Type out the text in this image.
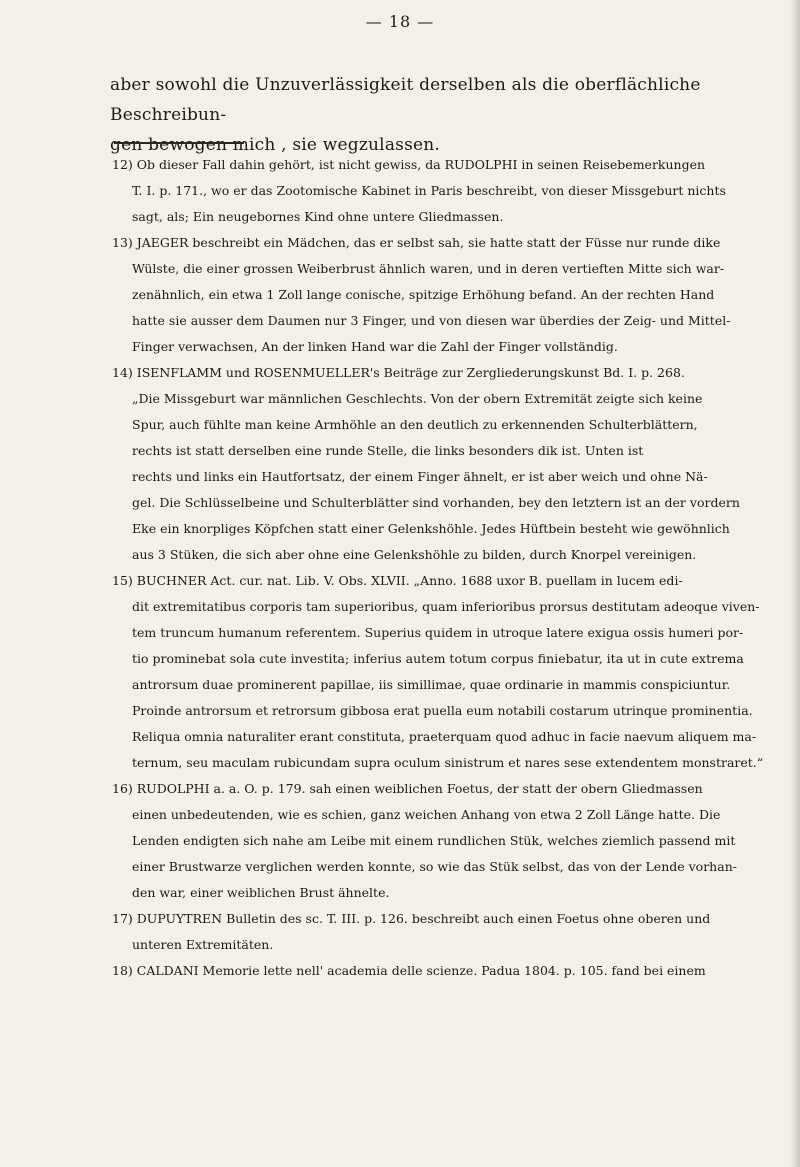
— 18 —
aber sowohl die Unzuverlässigkeit derselben als die oberflächliche Beschreibun-
gen bewogen mich , sie wegzulassen.
12) Ob dieser Fall dahin gehört, ist nicht gewiss, da RUDOLPHI in seinen Reisebemerkungen
T. I. p. 171., wo er das Zootomische Kabinet in Paris beschreibt, von dieser Missgeburt nichts
sagt, als; Ein neugebornes Kind ohne untere Gliedmassen.
13) JAEGER beschreibt ein Mädchen, das er selbst sah, sie hatte statt der Füsse nur runde dike
Wülste, die einer grossen Weiberbrust ähnlich waren, und in deren vertieften Mitte sich war-
zenähnlich, ein etwa 1 Zoll lange conische, spitzige Erhöhung befand. An der rechten Hand
hatte sie ausser dem Daumen nur 3 Finger, und von diesen war überdies der Zeig- und Mittel-
Finger verwachsen, An der linken Hand war die Zahl der Finger vollständig.
14) ISENFLAMM und ROSENMUELLER's Beiträge zur Zergliederungskunst Bd. I. p. 268.
„Die Missgeburt war männlichen Geschlechts. Von der obern Extremität zeigte sich keine
Spur, auch fühlte man keine Armhöhle an den deutlich zu erkennenden Schulterblättern,
rechts ist statt derselben eine runde Stelle, die links besonders dik ist. Unten ist
rechts und links ein Hautfortsatz, der einem Finger ähnelt, er ist aber weich und ohne Nä-
gel. Die Schlüsselbeine und Schulterblätter sind vorhanden, bey den letztern ist an der vordern
Eke ein knorpliges Köpfchen statt einer Gelenkshöhle. Jedes Hüftbein besteht wie gewöhnlich
aus 3 Stüken, die sich aber ohne eine Gelenkshöhle zu bilden, durch Knorpel vereinigen.
15) BUCHNER Act. cur. nat. Lib. V. Obs. XLVII. „Anno. 1688 uxor B. puellam in lucem edi-
dit extremitatibus corporis tam superioribus, quam inferioribus prorsus destitutam adeoque viven-
tem truncum humanum referentem. Superius quidem in utroque latere exigua ossis humeri por-
tio prominebat sola cute investita; inferius autem totum corpus finiebatur, ita ut in cute extrema
antrorsum duae prominerent papillae, iis simillimae, quae ordinarie in mammis conspiciuntur.
Proinde antrorsum et retrorsum gibbosa erat puella eum notabili costarum utrinque prominentia.
Reliqua omnia naturaliter erant constituta, praeterquam quod adhuc in facie naevum aliquem ma-
ternum, seu maculam rubicundam supra oculum sinistrum et nares sese extendentem monstraret.“
16) RUDOLPHI a. a. O. p. 179. sah einen weiblichen Foetus, der statt der obern Gliedmassen
einen unbedeutenden, wie es schien, ganz weichen Anhang von etwa 2 Zoll Länge hatte. Die
Lenden endigten sich nahe am Leibe mit einem rundlichen Stük, welches ziemlich passend mit
einer Brustwarze verglichen werden konnte, so wie das Stük selbst, das von der Lende vorhan-
den war, einer weiblichen Brust ähnelte.
17) DUPUYTREN Bulletin des sc. T. III. p. 126. beschreibt auch einen Foetus ohne oberen und
unteren Extremitäten.
18) CALDANI Memorie lette nell' academia delle scienze. Padua 1804. p. 105. fand bei einem
